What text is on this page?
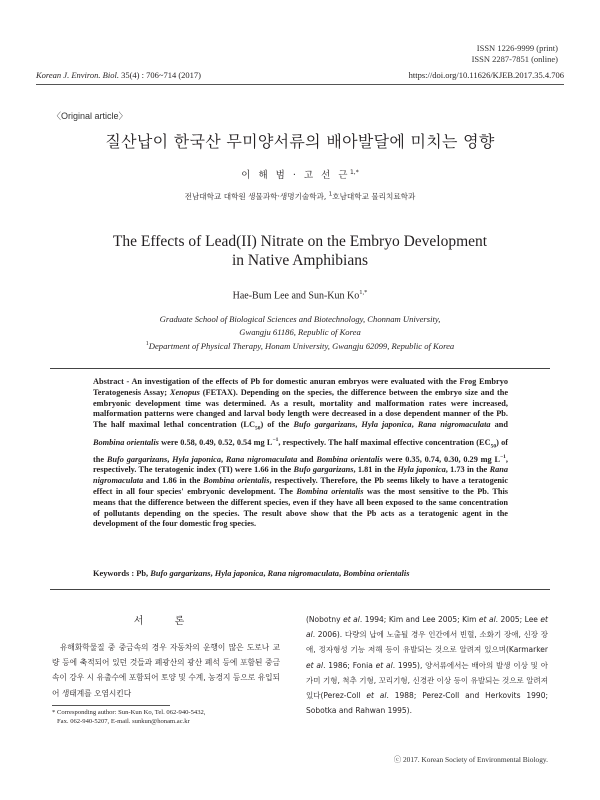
ISSN 1226-9999 (print)
ISSN 2287-7851 (online)
Korean J. Environ. Biol. 35(4) : 706~714 (2017)	https://doi.org/10.11626/KJEB.2017.35.4.706
〈Original article〉
질산납이 한국산 무미양서류의 배아발달에 미치는 영향
이 해 범 · 고 선 근$^{1,*}$
전남대학교 대학원 생물과학·생명기술학과, $^1$호남대학교 물리치료학과
The Effects of Lead(II) Nitrate on the Embryo Development
in Native Amphibians
Hae-Bum Lee and Sun-Kun $Ko^{1,*}$
Graduate School of Biological Sciences and Biotechnology, Chonnam University,
Gwangju 61186, Republic of Korea
$^1$Department of Physical Therapy, Honam University, Gwangju 62099, Republic of Korea
Abstract - An investigation of the effects of Pb for domestic anuran embryos were evaluated with the Frog Embryo Teratogenesis Assay; Xenopus (FETAX). Depending on the species, the difference between the embryo size and the embryonic development time was determined. As a result, mortality and malformation rates were increased, malformation patterns were changed and larval body length were decreased in a dose dependent manner of the Pb. The half maximal lethal concentration $(LC_{50})$ of the Bufo gargarizans, Hyla japonica, Rana nigromaculata and Bombina orientalis were 0.58, 0.49, 0.52, 0.54 mg $L^{-1}$, respectively. The half maximal effective concentration $(EC_{50})$ of the Bufo gargarizans, Hyla japonica, Rana nigromaculata and Bombina orientalis were 0.35, 0.74, 0.30, 0.29 mg $L^{-1}$, respectively. The teratogenic index (TI) were 1.66 in the Bufo gargarizans, 1.81 in the Hyla japonica, 1.73 in the Rana nigromaculata and 1.86 in the Bombina orientalis, respectively. Therefore, the Pb seems likely to have a teratogenic effect in all four species' embryonic development. The Bombina orientalis was the most sensitive to the Pb. This means that the difference between the different species, even if they have all been exposed to the same concentration of pollutants depending on the species. The result above show that the Pb acts as a teratogenic agent in the development of the four domestic frog species.
Keywords : Pb, Bufo gargarizans, Hyla japonica, Rana nigromaculata, Bombina orientalis
서 론
유해화학물질 중 중금속의 경우 자동차의 운행이 많은 도로나 교량 등에 축적되어 있던 것들과 폐광산의 광산 폐석 등에 포함된 중금속이 강우 시 유출수에 포함되어 토양 및 수계, 농경지 등으로 유입되어 생태계를 오염시킨다
* Corresponding author: Sun-Kun Ko, Tel. 062-940-5432,
Fax. 062-940-5207, E-mail. sunkun@honam.ac.kr
(Nobotny et al. 1994; Kim and Lee 2005; Kim et al. 2005; Lee et al. 2006). 다량의 납에 노출될 경우 인간에서 빈혈, 소화기 장애, 신장 장애, 정자형성 기능 저해 등이 유발되는 것으로 알려져 있으며(Karmarker et al. 1986; Fonia et al. 1995), 양서류에서는 배아의 발생 이상 및 아가미 기형, 척추 기형, 꼬리기형, 신경관 이상 등이 유발되는 것으로 알려져 있다(Perez-Coll et al. 1988; Perez-Coll and Herkovits 1990; Sobotka and Rahwan 1995).
ⓒ 2017. Korean Society of Environmental Biology.
